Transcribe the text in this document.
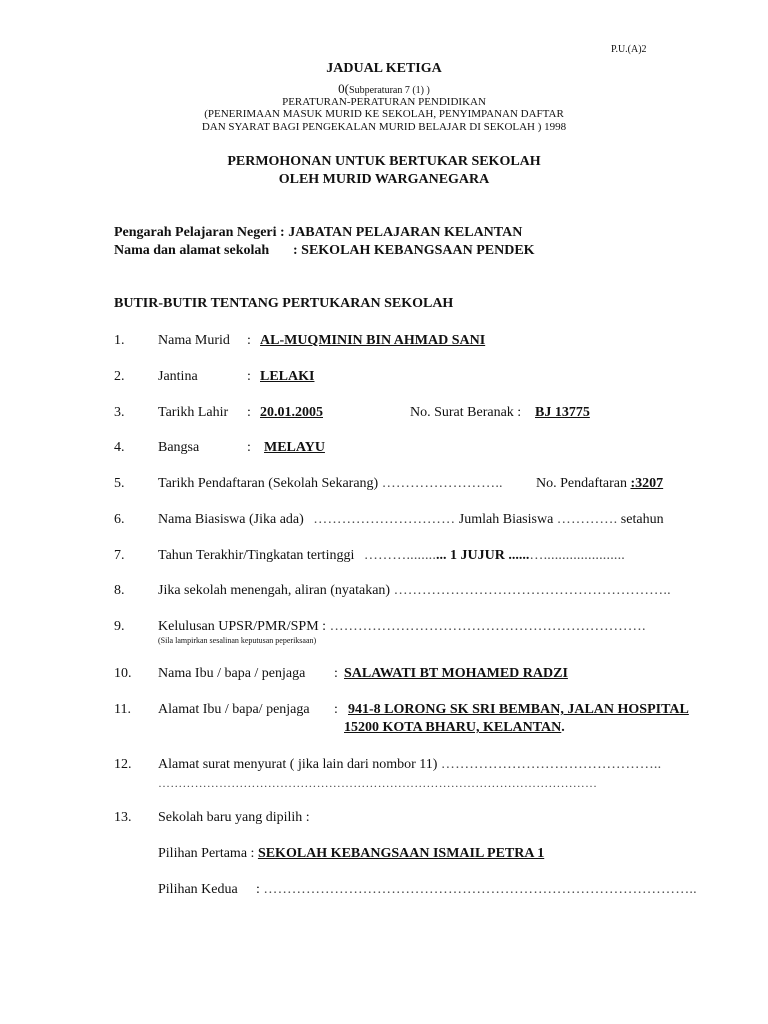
P.U.(A)2
JADUAL KETIGA
0(Subperaturan 7 (1) )
PERATURAN-PERATURAN PENDIDIKAN
(PENERIMAAN MASUK MURID KE SEKOLAH, PENYIMPANAN DAFTAR
DAN SYARAT BAGI PENGEKALAN MURID BELAJAR DI SEKOLAH ) 1998
PERMOHONAN UNTUK BERTUKAR SEKOLAH
OLEH MURID WARGANEGARA
Pengarah Pelajaran Negeri : JABATAN PELAJARAN KELANTAN
Nama dan alamat sekolah : SEKOLAH KEBANGSAAN PENDEK
BUTIR-BUTIR TENTANG PERTUKARAN SEKOLAH
1. Nama Murid : AL-MUQMININ BIN AHMAD SANI
2. Jantina	: LELAKI
3. Tarikh Lahir : 20.01.2005	No. Surat Beranak : BJ 13775
4. Bangsa	: MELAYU
5. Tarikh Pendaftaran (Sekolah Sekarang) …………………….. No. Pendaftaran :3207
6. Nama Biasiswa (Jika ada) ………………………… Jumlah Biasiswa …………. setahun
7. Tahun Terakhir/Tingkatan tertinggi ………........... 1 JUJUR ......…......................
8. Jika sekolah menengah, aliran (nyatakan) …………………………………………………..
9. Kelulusan UPSR/PMR/SPM : ………………………………………………………….
(Sila lampirkan sesalinan keputusan peperiksaan)
10. Nama Ibu / bapa / penjaga : SALAWATI BT MOHAMED RADZI
11. Alamat Ibu / bapa/ penjaga : 941-8 LORONG SK SRI BEMBAN, JALAN HOSPITAL
15200 KOTA BHARU, KELANTAN.
12. Alamat surat menyurat ( jika lain dari nombor 11) ………………………………………..
………………………………………………………………………………………………
13. Sekolah baru yang dipilih :
Pilihan Pertama : SEKOLAH KEBANGSAAN ISMAIL PETRA 1
Pilihan Kedua : ………………………………………………………………………………..
